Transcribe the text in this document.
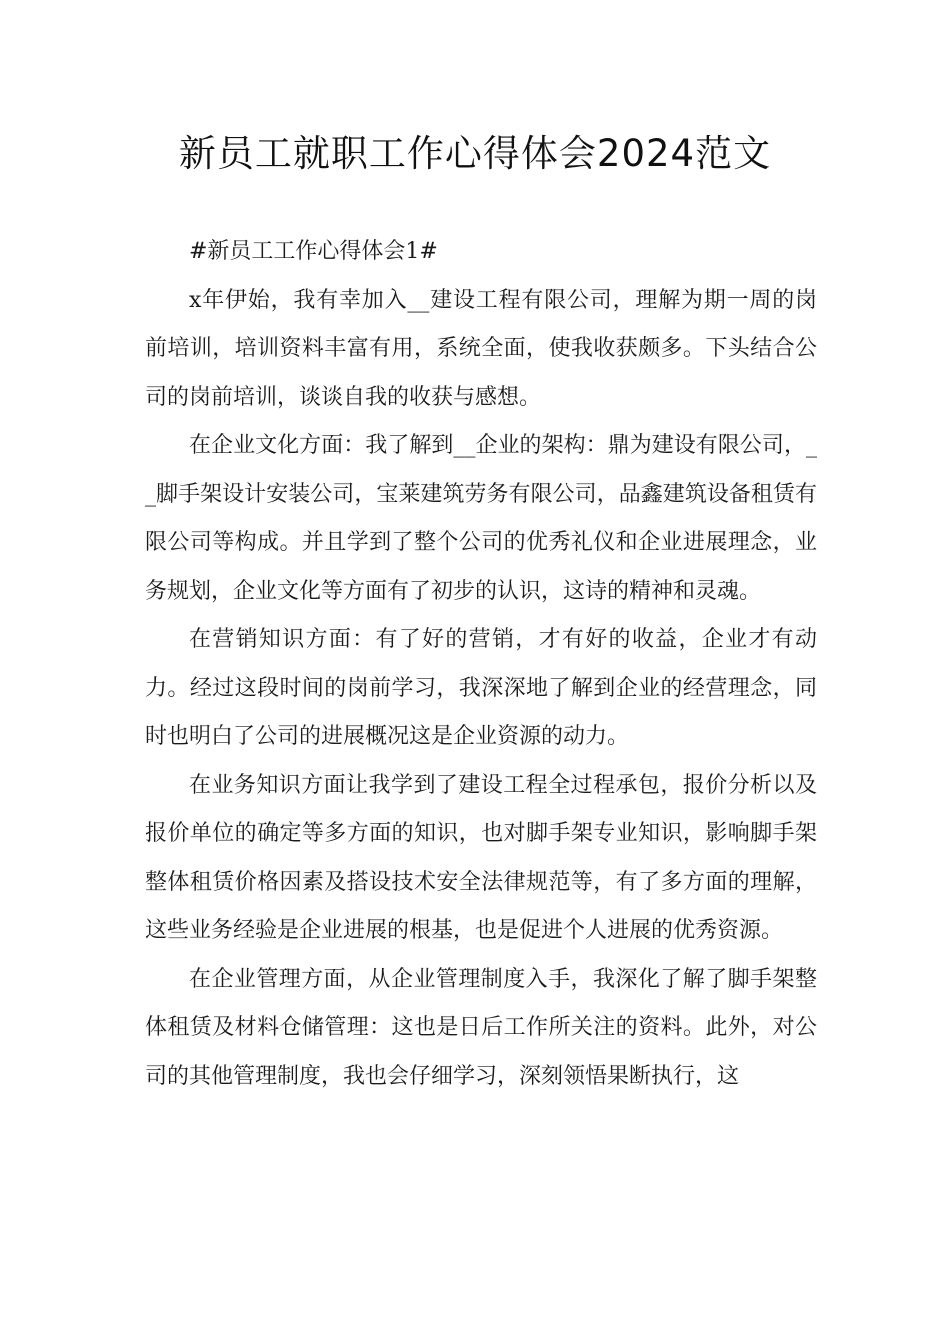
新员工就职工作心得体会2024范文

#新员工工作心得体会1#

x年伊始，我有幸加入__建设工程有限公司，理解为期一周的岗前培训，培训资料丰富有用，系统全面，使我收获颇多。下头结合公司的岗前培训，谈谈自我的收获与感想。

在企业文化方面：我了解到__企业的架构：鼎为建设有限公司，__脚手架设计安装公司，宝莱建筑劳务有限公司，品鑫建筑设备租赁有限公司等构成。并且学到了整个公司的优秀礼仪和企业进展理念，业务规划，企业文化等方面有了初步的认识，这诗的精神和灵魂。

在营销知识方面：有了好的营销，才有好的收益，企业才有动力。经过这段时间的岗前学习，我深深地了解到企业的经营理念，同时也明白了公司的进展概况这是企业资源的动力。

在业务知识方面让我学到了建设工程全过程承包，报价分析以及报价单位的确定等多方面的知识，也对脚手架专业知识，影响脚手架整体租赁价格因素及搭设技术安全法律规范等，有了多方面的理解，这些业务经验是企业进展的根基，也是促进个人进展的优秀资源。

在企业管理方面，从企业管理制度入手，我深化了解了脚手架整体租赁及材料仓储管理：这也是日后工作所关注的资料。此外，对公司的其他管理制度，我也会仔细学习，深刻领悟果断执行，这
